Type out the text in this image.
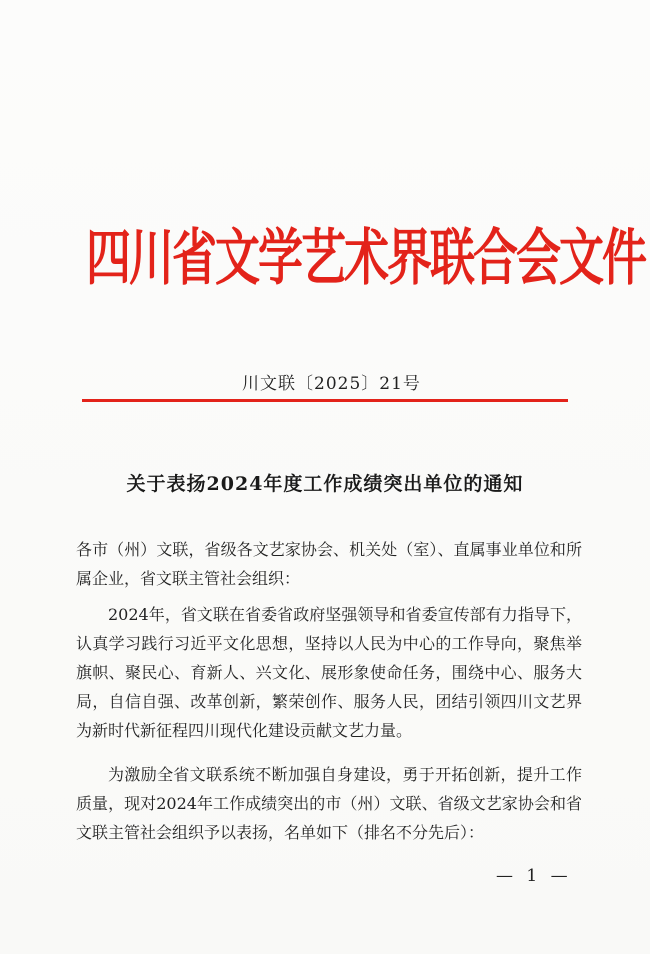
四川省文学艺术界联合会文件
川文联〔2025〕21号
关于表扬2024年度工作成绩突出单位的通知
各市（州）文联，省级各文艺家协会、机关处（室）、直属事业单位和所属企业，省文联主管社会组织：
2024年，省文联在省委省政府坚强领导和省委宣传部有力指导下，认真学习践行习近平文化思想，坚持以人民为中心的工作导向，聚焦举旗帜、聚民心、育新人、兴文化、展形象使命任务，围绕中心、服务大局，自信自强、改革创新，繁荣创作、服务人民，团结引领四川文艺界为新时代新征程四川现代化建设贡献文艺力量。
为激励全省文联系统不断加强自身建设，勇于开拓创新，提升工作质量，现对2024年工作成绩突出的市（州）文联、省级文艺家协会和省文联主管社会组织予以表扬，名单如下（排名不分先后）：
— 1 —
